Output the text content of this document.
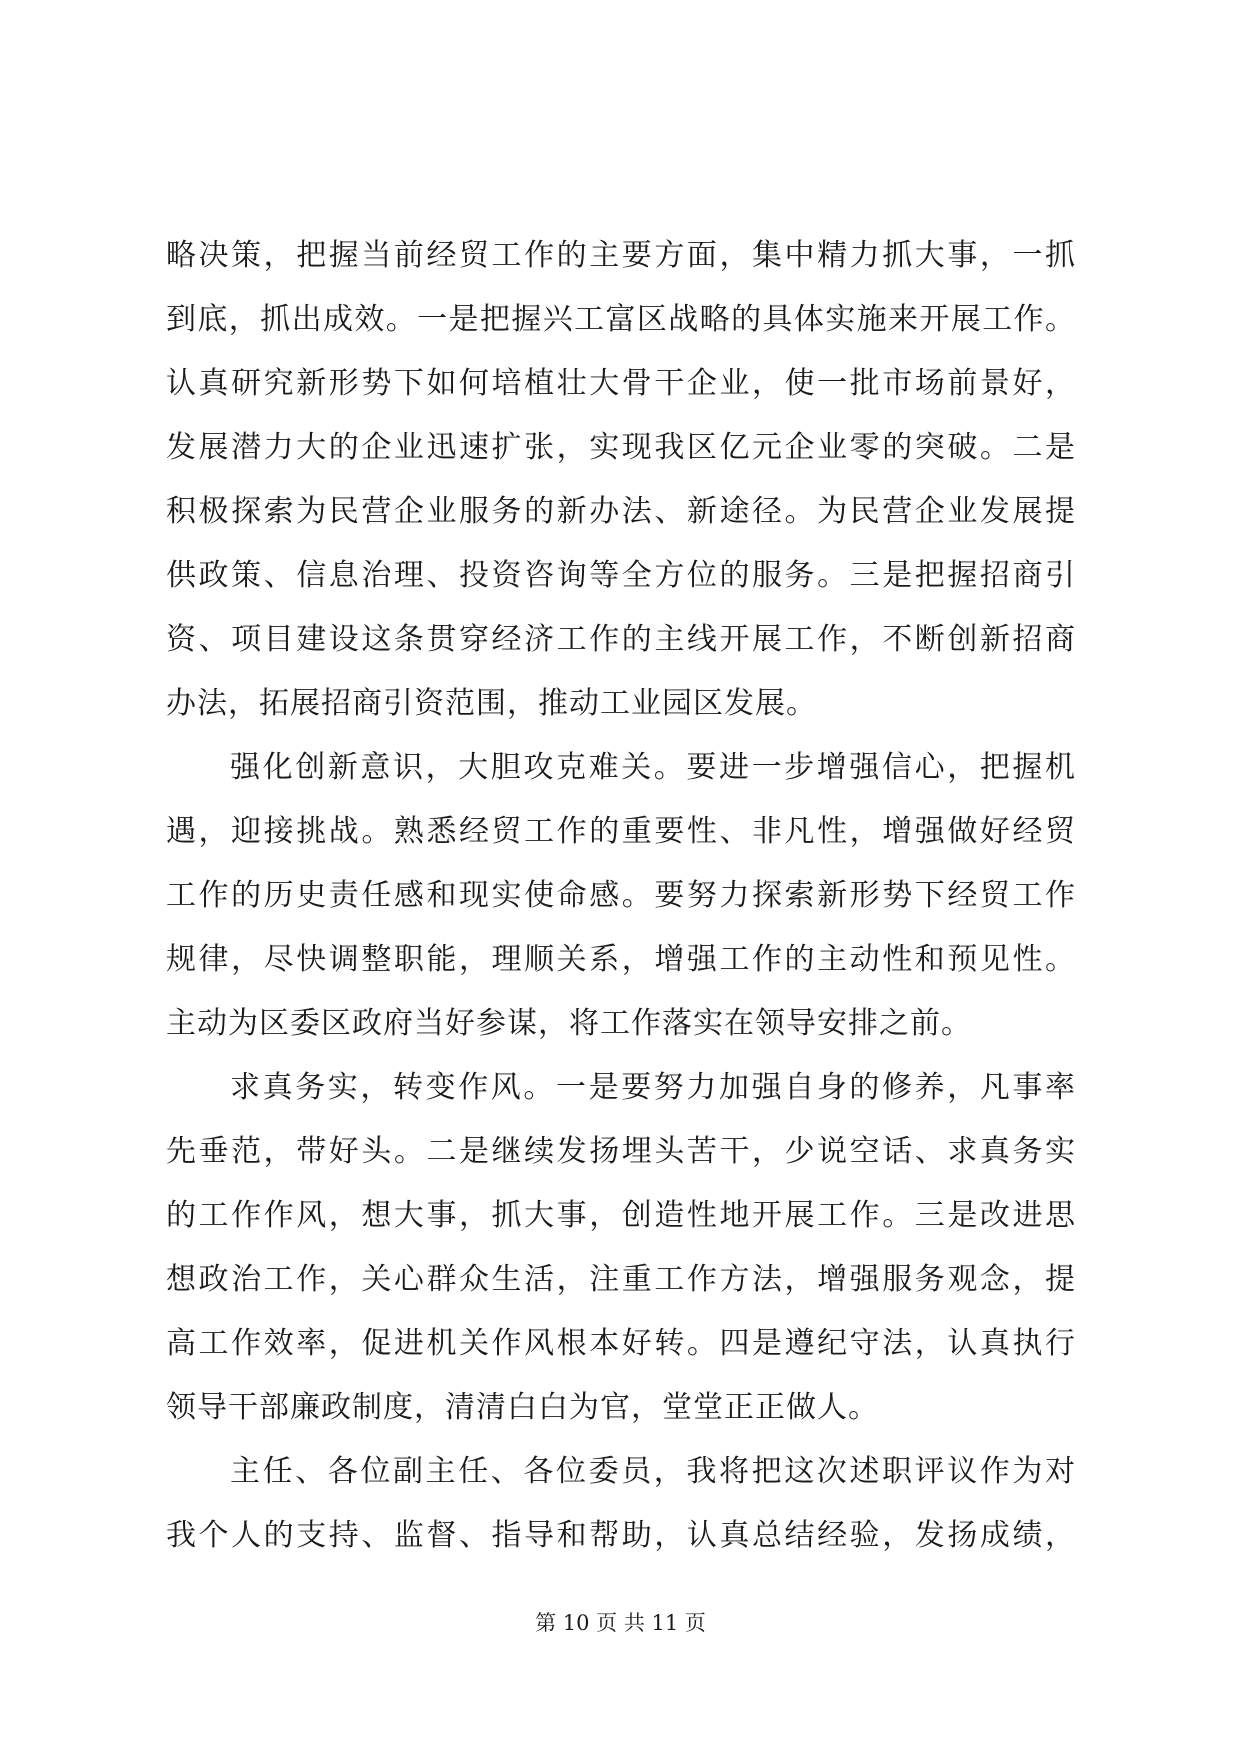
略决策，把握当前经贸工作的主要方面，集中精力抓大事，一抓
到底，抓出成效。一是把握兴工富区战略的具体实施来开展工作。
认真研究新形势下如何培植壮大骨干企业，使一批市场前景好，
发展潜力大的企业迅速扩张，实现我区亿元企业零的突破。二是
积极探索为民营企业服务的新办法、新途径。为民营企业发展提
供政策、信息治理、投资咨询等全方位的服务。三是把握招商引
资、项目建设这条贯穿经济工作的主线开展工作，不断创新招商
办法，拓展招商引资范围，推动工业园区发展。
强化创新意识，大胆攻克难关。要进一步增强信心，把握机
遇，迎接挑战。熟悉经贸工作的重要性、非凡性，增强做好经贸
工作的历史责任感和现实使命感。要努力探索新形势下经贸工作
规律，尽快调整职能，理顺关系，增强工作的主动性和预见性。
主动为区委区政府当好参谋，将工作落实在领导安排之前。
求真务实，转变作风。一是要努力加强自身的修养，凡事率
先垂范，带好头。二是继续发扬埋头苦干，少说空话、求真务实
的工作作风，想大事，抓大事，创造性地开展工作。三是改进思
想政治工作，关心群众生活，注重工作方法，增强服务观念，提
高工作效率，促进机关作风根本好转。四是遵纪守法，认真执行
领导干部廉政制度，清清白白为官，堂堂正正做人。
主任、各位副主任、各位委员，我将把这次述职评议作为对
我个人的支持、监督、指导和帮助，认真总结经验，发扬成绩，
第 10 页 共 11 页
